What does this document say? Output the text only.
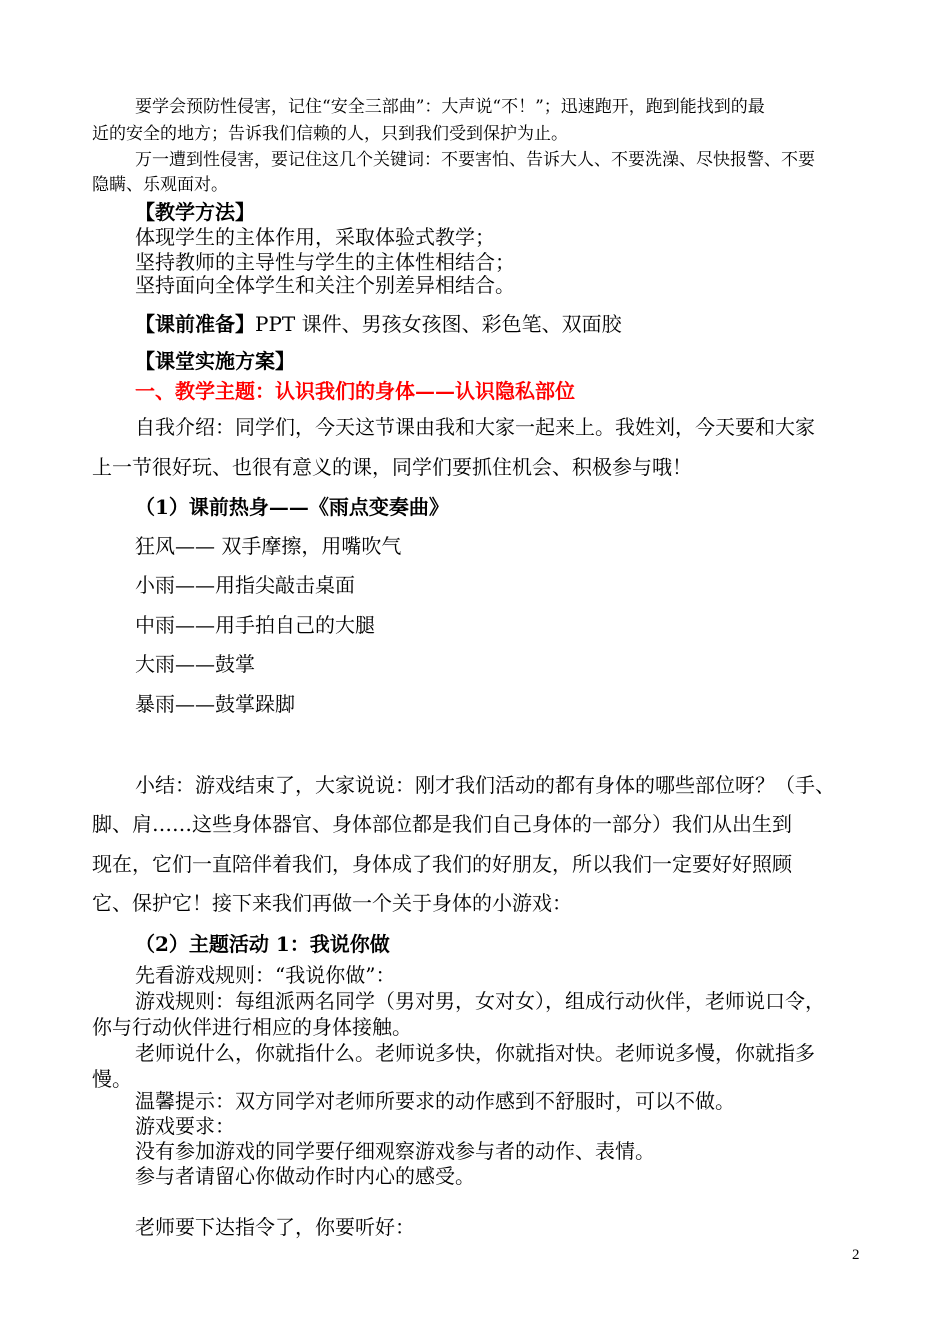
要学会预防性侵害，记住“安全三部曲”：大声说“不！”；迅速跑开，跑到能找到的最
近的安全的地方；告诉我们信赖的人，只到我们受到保护为止。
万一遭到性侵害，要记住这几个关键词：不要害怕、告诉大人、不要洗澡、尽快报警、不要
隐瞒、乐观面对。
【教学方法】
体现学生的主体作用，采取体验式教学；
坚持教师的主导性与学生的主体性相结合；
坚持面向全体学生和关注个别差异相结合。
【课前准备】PPT 课件、男孩女孩图、彩色笔、双面胶
【课堂实施方案】
一、教学主题：认识我们的身体——认识隐私部位
自我介绍：同学们，今天这节课由我和大家一起来上。我姓刘，今天要和大家
上一节很好玩、也很有意义的课，同学们要抓住机会、积极参与哦！
（1）课前热身——《雨点变奏曲》
狂风—— 双手摩擦，用嘴吹气
小雨——用指尖敲击桌面
中雨——用手拍自己的大腿
大雨——鼓掌
暴雨——鼓掌跺脚
小结：游戏结束了，大家说说：刚才我们活动的都有身体的哪些部位呀？（手、
脚、肩……这些身体器官、身体部位都是我们自己身体的一部分）我们从出生到
现在，它们一直陪伴着我们，身体成了我们的好朋友，所以我们一定要好好照顾
它、保护它！接下来我们再做一个关于身体的小游戏：
（2）主题活动 1：我说你做
先看游戏规则：“我说你做”：
游戏规则：每组派两名同学（男对男，女对女），组成行动伙伴，老师说口令，
你与行动伙伴进行相应的身体接触。
老师说什么，你就指什么。老师说多快，你就指对快。老师说多慢，你就指多
慢。
温馨提示：双方同学对老师所要求的动作感到不舒服时，可以不做。
游戏要求：
没有参加游戏的同学要仔细观察游戏参与者的动作、表情。
参与者请留心你做动作时内心的感受。
老师要下达指令了，你要听好：
2
